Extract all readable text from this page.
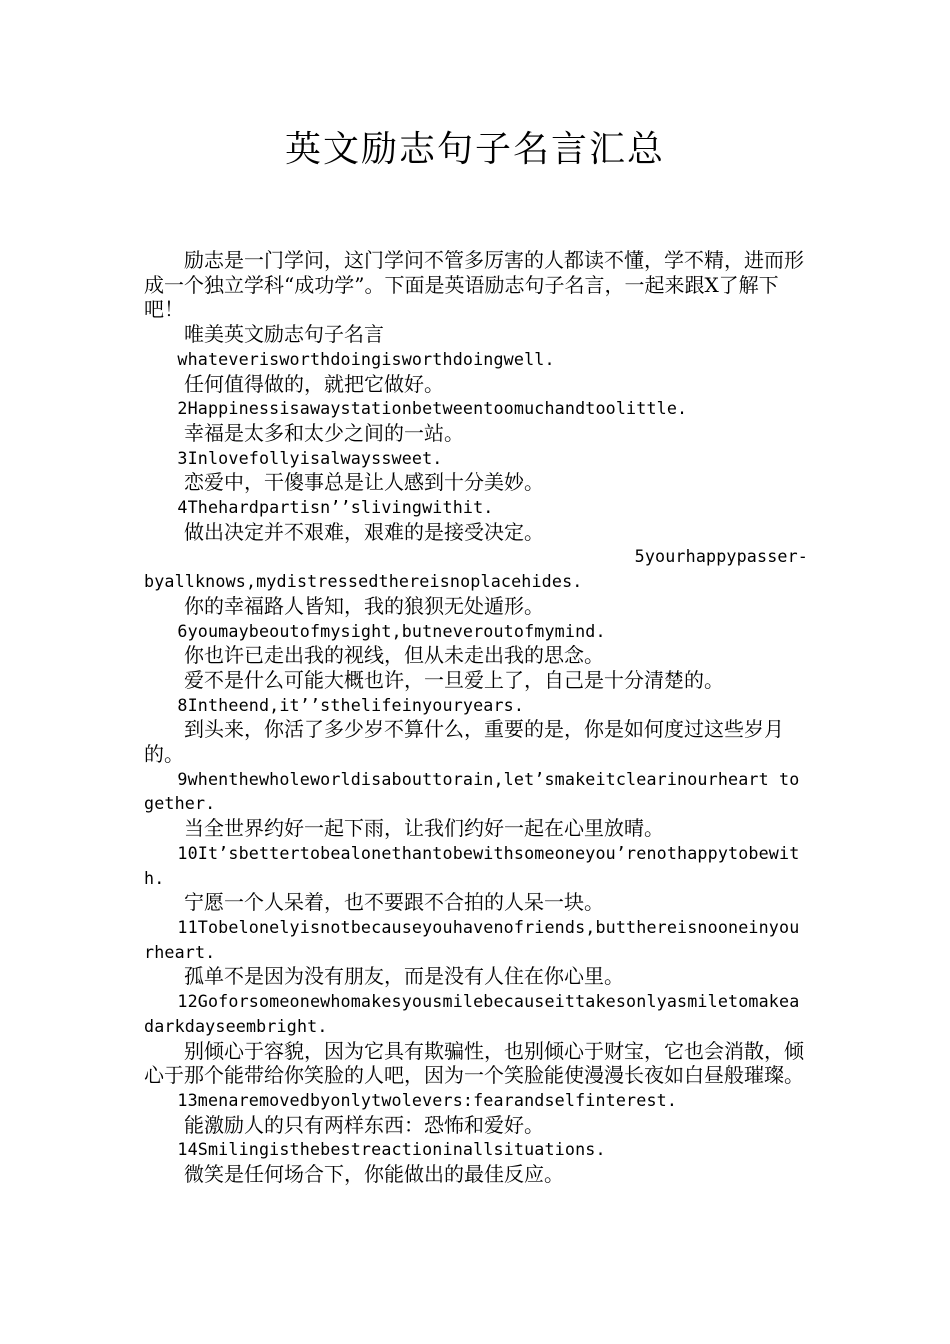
英文励志句子名言汇总

励志是一门学问，这门学问不管多厉害的人都读不懂，学不精，进而形成一个独立学科“成功学”。下面是英语励志句子名言，一起来跟X了解下吧！

唯美英文励志句子名言

whateverisworthdoingisworthdoingwell.

任何值得做的，就把它做好。

2Happinessisawaystationbetweentoomuchandtoolittle.

幸福是太多和太少之间的一站。

3Inlovefollyisalwayssweet.

恋爱中，干傻事总是让人感到十分美妙。

4Thehardpartisn’’slivingwithit.

做出决定并不艰难，艰难的是接受决定。

5yourhappypasser-
byallknows,mydistressedthereisnoplacehides.

你的幸福路人皆知，我的狼狈无处遁形。

6youmaybeoutofmysight,butneveroutofmymind.

你也许已走出我的视线，但从未走出我的思念。

爱不是什么可能大概也许，一旦爱上了，自己是十分清楚的。

8Intheend,it’’sthelifeinyouryears.

到头来，你活了多少岁不算什么，重要的是，你是如何度过这些岁月的。

9whenthewholeworldisabouttorain,let’smakeitclearinourheart together.

当全世界约好一起下雨，让我们约好一起在心里放晴。

10It’sbettertobealonethantobewithsomeoneyou’renothappytobewith.

宁愿一个人呆着，也不要跟不合拍的人呆一块。

11Tobelonelyisnotbecauseyouhavenofriends,butthereisnooneinyourheart.

孤单不是因为没有朋友，而是没有人住在你心里。

12Goforsomeonewhomakesyousmilebecauseittakesonlyasmiletomakeadarkdayseembright.

别倾心于容貌，因为它具有欺骗性，也别倾心于财宝，它也会消散，倾心于那个能带给你笑脸的人吧，因为一个笑脸能使漫漫长夜如白昼般璀璨。

13menaremovedbyonlytwolevers:fearandselfinterest.

能激励人的只有两样东西：恐怖和爱好。

14Smilingisthebestreactioninallsituations.

微笑是任何场合下，你能做出的最佳反应。
